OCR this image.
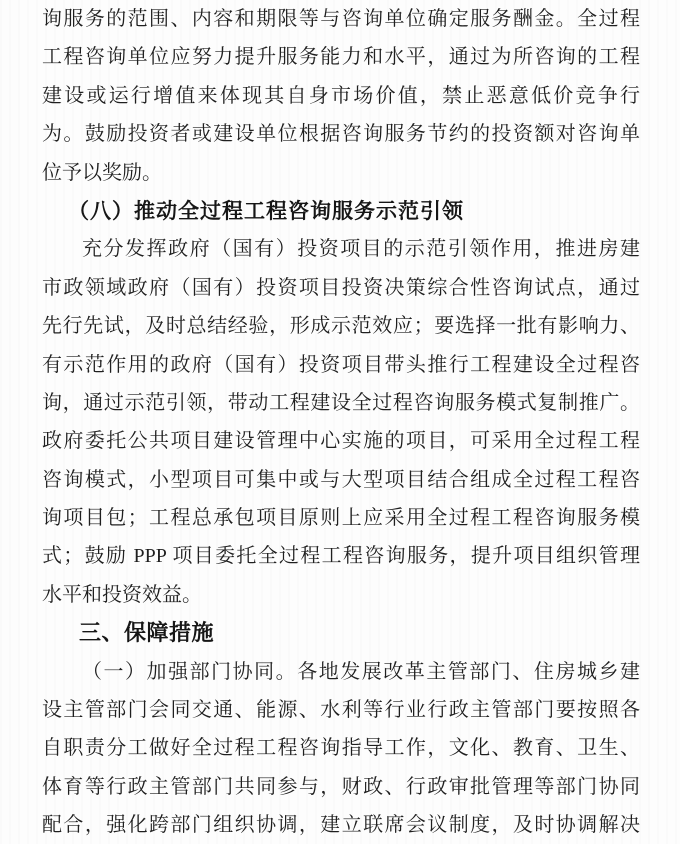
询服务的范围、内容和期限等与咨询单位确定服务酬金。全过程
工程咨询单位应努力提升服务能力和水平，通过为所咨询的工程
建设或运行增值来体现其自身市场价值，禁止恶意低价竞争行
为。鼓励投资者或建设单位根据咨询服务节约的投资额对咨询单
位予以奖励。
（八）推动全过程工程咨询服务示范引领
充分发挥政府（国有）投资项目的示范引领作用，推进房建
市政领域政府（国有）投资项目投资决策综合性咨询试点，通过
先行先试，及时总结经验，形成示范效应；要选择一批有影响力、
有示范作用的政府（国有）投资项目带头推行工程建设全过程咨
询，通过示范引领，带动工程建设全过程咨询服务模式复制推广。
政府委托公共项目建设管理中心实施的项目，可采用全过程工程
咨询模式，小型项目可集中或与大型项目结合组成全过程工程咨
询项目包；工程总承包项目原则上应采用全过程工程咨询服务模
式；鼓励 PPP 项目委托全过程工程咨询服务，提升项目组织管理
水平和投资效益。
三、保障措施
（一）加强部门协同。各地发展改革主管部门、住房城乡建
设主管部门会同交通、能源、水利等行业行政主管部门要按照各
自职责分工做好全过程工程咨询指导工作，文化、教育、卫生、
体育等行政主管部门共同参与，财政、行政审批管理等部门协同
配合，强化跨部门组织协调，建立联席会议制度，及时协调解决
